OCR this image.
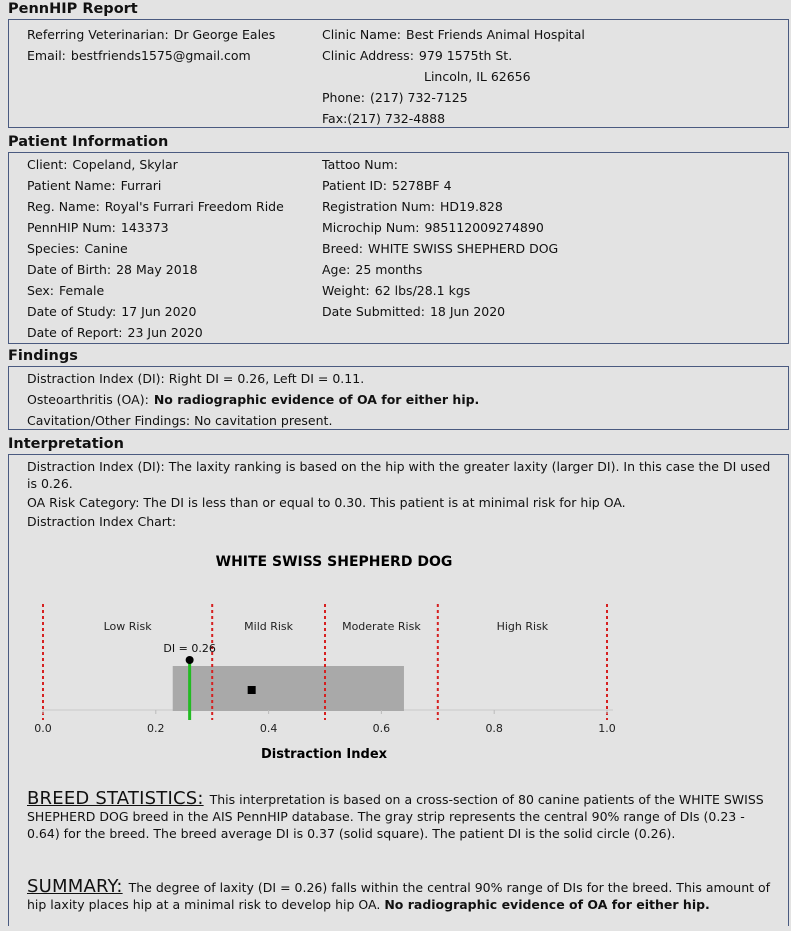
PennHIP Report
Referring Veterinarian: Dr George Eales
Email: bestfriends1575@gmail.com
Clinic Name: Best Friends Animal Hospital
Clinic Address: 979 1575th St.
Lincoln, IL 62656
Phone: (217) 732-7125
Fax:(217) 732-4888
Patient Information
Client: Copeland, Skylar
Patient Name: Furrari
Reg. Name: Royal's Furrari Freedom Ride
PennHIP Num: 143373
Species: Canine
Date of Birth: 28 May 2018
Sex: Female
Date of Study: 17 Jun 2020
Date of Report: 23 Jun 2020
Tattoo Num:
Patient ID: 5278BF 4
Registration Num: HD19.828
Microchip Num: 985112009274890
Breed: WHITE SWISS SHEPHERD DOG
Age: 25 months
Weight: 62 lbs/28.1 kgs
Date Submitted: 18 Jun 2020
Findings
Distraction Index (DI): Right DI = 0.26, Left DI = 0.11.
Osteoarthritis (OA): No radiographic evidence of OA for either hip.
Cavitation/Other Findings: No cavitation present.
Interpretation
Distraction Index (DI): The laxity ranking is based on the hip with the greater laxity (larger DI). In this case the DI used is 0.26.
OA Risk Category: The DI is less than or equal to 0.30. This patient is at minimal risk for hip OA.
Distraction Index Chart:
WHITE SWISS SHEPHERD DOG
Low Risk	Mild Risk	Moderate Risk	High Risk
DI = 0.26
0.0	0.2	0.4	0.6	0.8	1.0
Distraction Index
BREED STATISTICS: This interpretation is based on a cross-section of 80 canine patients of the WHITE SWISS SHEPHERD DOG breed in the AIS PennHIP database. The gray strip represents the central 90% range of DIs (0.23 - 0.64) for the breed. The breed average DI is 0.37 (solid square). The patient DI is the solid circle (0.26).
SUMMARY: The degree of laxity (DI = 0.26) falls within the central 90% range of DIs for the breed. This amount of hip laxity places hip at a minimal risk to develop hip OA. No radiographic evidence of OA for either hip.
